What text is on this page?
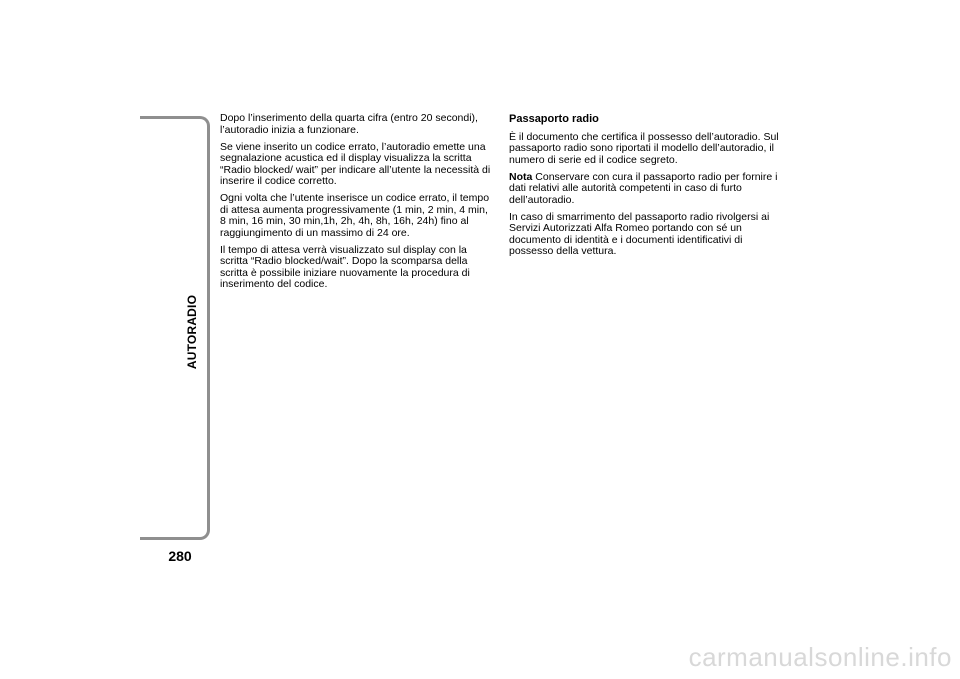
AUTORADIO
280

Dopo l’inserimento della quarta cifra (entro 20 secondi), l’autoradio inizia a funzionare.

Se viene inserito un codice errato, l’autoradio emette una segnalazione acustica ed il display visualizza la scritta “Radio blocked/ wait” per indicare all’utente la necessità di inserire il codice corretto.

Ogni volta che l’utente inserisce un codice errato, il tempo di attesa aumenta progressivamente (1 min, 2 min, 4 min, 8 min, 16 min, 30 min,1h, 2h, 4h, 8h, 16h, 24h) fino al raggiungimento di un massimo di 24 ore.

Il tempo di attesa verrà visualizzato sul display con la scritta “Radio blocked/wait”. Dopo la scomparsa della scritta è possibile iniziare nuovamente la procedura di inserimento del codice.

Passaporto radio

È il documento che certifica il possesso dell’autoradio. Sul passaporto radio sono riportati il modello dell’autoradio, il numero di serie ed il codice segreto.

Nota Conservare con cura il passaporto radio per fornire i dati relativi alle autorità competenti in caso di furto dell’autoradio.

In caso di smarrimento del passaporto radio rivolgersi ai Servizi Autorizzati Alfa Romeo portando con sé un documento di identità e i documenti identificativi di possesso della vettura.

carmanualsonline.info
